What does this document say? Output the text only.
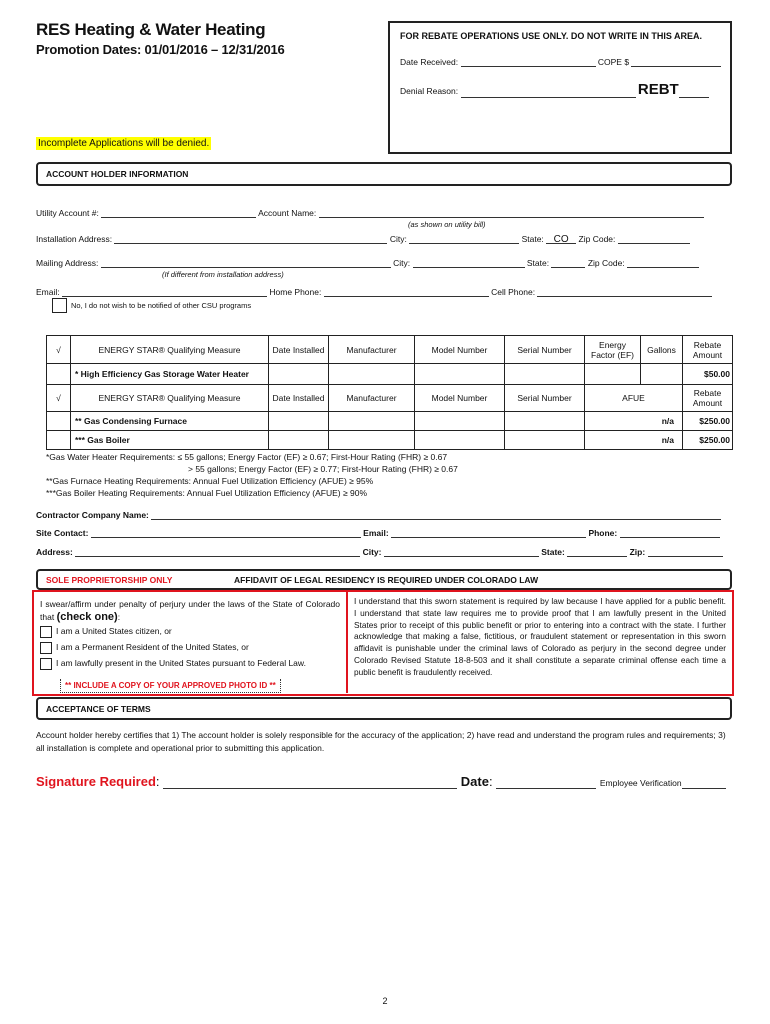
RES Heating & Water Heating
Promotion Dates: 01/01/2016 – 12/31/2016
FOR REBATE OPERATIONS USE ONLY. DO NOT WRITE IN THIS AREA.
Date Received:	COPE $
Denial Reason:	REBT
Incomplete Applications will be denied.
ACCOUNT HOLDER INFORMATION
Utility Account #:	Account Name:
(as shown on utility bill)
Installation Address:	City:	State: CO Zip Code:
Mailing Address:	City:	State:	Zip Code:
(If different from installation address)
Email:	Home Phone:	Cell Phone:
No, I do not wish to be notified of other CSU programs
√	ENERGY STAR® Qualifying Measure	Date Installed	Manufacturer	Model Number	Serial Number	Energy Factor (EF)	Gallons	Rebate Amount
	* High Efficiency Gas Storage Water Heater							$50.00
√	ENERGY STAR® Qualifying Measure	Date Installed	Manufacturer	Model Number	Serial Number	AFUE	Rebate Amount
	** Gas Condensing Furnace					n/a	$250.00
	*** Gas Boiler					n/a	$250.00
*Gas Water Heater Requirements: ≤ 55 gallons; Energy Factor (EF) ≥ 0.67; First-Hour Rating (FHR) ≥ 0.67
> 55 gallons; Energy Factor (EF) ≥ 0.77; First-Hour Rating (FHR) ≥ 0.67
**Gas Furnace Heating Requirements: Annual Fuel Utilization Efficiency (AFUE) ≥ 95%
***Gas Boiler Heating Requirements: Annual Fuel Utilization Efficiency (AFUE) ≥ 90%
Contractor Company Name:
Site Contact:	Email:	Phone:
Address:	City:	State:	Zip:
SOLE PROPRIETORSHIP ONLY	AFFIDAVIT OF LEGAL RESIDENCY IS REQUIRED UNDER COLORADO LAW
I swear/affirm under penalty of perjury under the laws of the State of Colorado that (check one):
I am a United States citizen, or
I am a Permanent Resident of the United States, or
I am lawfully present in the United States pursuant to Federal Law.
** INCLUDE A COPY OF YOUR APPROVED PHOTO ID **
I understand that this sworn statement is required by law because I have applied for a public benefit. I understand that state law requires me to provide proof that I am lawfully present in the United States prior to receipt of this public benefit or prior to entering into a contract with the state. I further acknowledge that making a false, fictitious, or fraudulent statement or representation in this sworn affidavit is punishable under the criminal laws of Colorado as perjury in the second degree under Colorado Revised Statute 18-8-503 and it shall constitute a separate criminal offense each time a public benefit is fraudulently received.
ACCEPTANCE OF TERMS
Account holder hereby certifies that 1) The account holder is solely responsible for the accuracy of the application; 2) have read and understand the program rules and requirements; 3) all installation is complete and operational prior to submitting this application.
Signature Required:	Date:	Employee Verification
2
